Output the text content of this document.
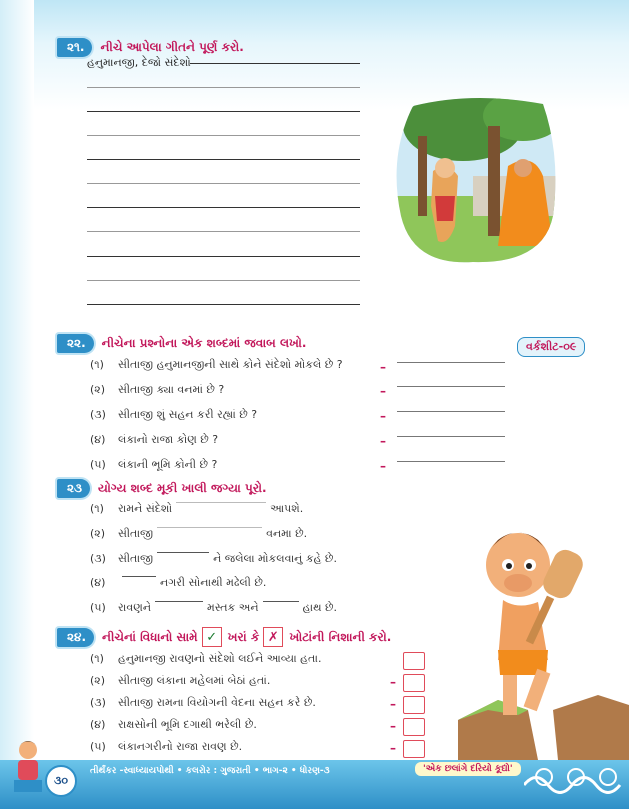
૨૧.	નીચે આપેલા ગીતને પૂર્ણ કરો.
હનુમાનજી, દેજો સંદેશો
૨૨.	નીચેના પ્રશ્નોના એક શબ્દમાં જવાબ લખો.	વર્કશીટ-૦૯
(૧)	સીતાજી હનુમાનજીની સાથે કોને સંદેશો મોકલે છે ?
(૨)	સીતાજી ક્યા વનમાં છે ?
(૩)	સીતાજી શું સહન કરી રહ્યાં છે ?
(૪)	લંકાનો રાજા કોણ છે ?
(૫)	લંકાની ભૂમિ કોની છે ?
–
–
–
–
–
૨૩	યોગ્ય શબ્દ મૂકી ખાલી જગ્યા પૂરો.
(૧)	રામને સંદેશો	આપશે.
(૨)	સીતાજી	વનમા છે.
(૩)	સીતાજી	ને જલેલા મોકલવાનું કહે છે.
(૪)	નગરી સોનાથી મઢેલી છે.
(૫)	રાવણને	મસ્તક અને	હાથ છે.
૨૪.	નીચેનાં વિધાનો સામે ✓ ખરાં કે ✗ ખોટાંની નિશાની કરો.
(૧)	હનુમાનજી રાવણનો સંદેશો લઈને આવ્યા હતા.
(૨)	સીતાજી લંકાના મહેલમાં બેઠાં હતાં.
(૩)	સીતાજી રામના વિયોગની વેદના સહન કરે છે.
(૪)	રાક્ષસોની ભૂમિ દગાથી ભરેલી છે.
(૫)	લંકાનગરીનો રાજા રાવણ છે.
–
–
–
–
૩૦
તીર્થંકર -સ્વાધ્યાયપોથી • કલરોર : ગુજરાતી • ભાગ-૨ • ધોરણ-૩	'એક છલાંગે દરિયો કૂદ્યો'
